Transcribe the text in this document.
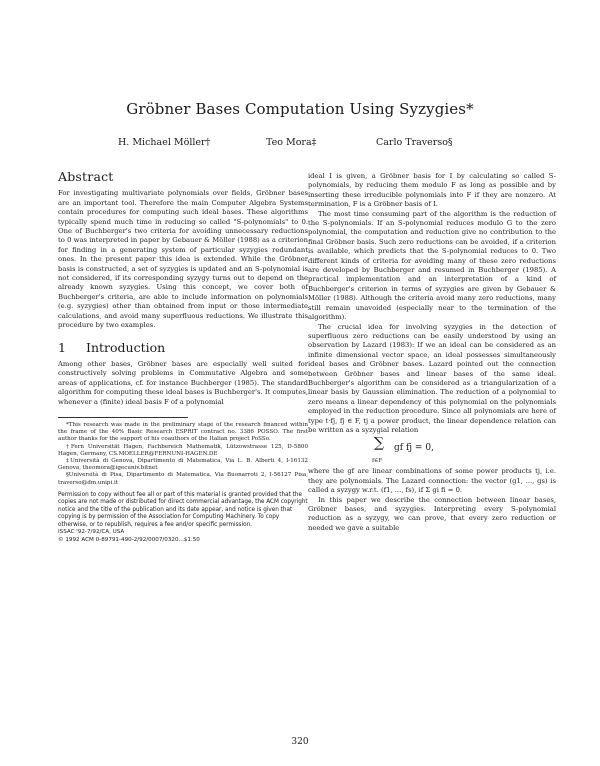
Gröbner Bases Computation Using Syzygies*
H. Michael Möller†	Teo Mora‡	Carlo Traverso§
Abstract

For investigating multivariate polynomials over fields, Gröbner bases are an important tool. Therefore the main Computer Algebra Systems contain procedures for computing such ideal bases. These algorithms typically spend much time in reducing so called "S-polynomials" to 0. One of Buchberger's two criteria for avoiding unnecessary reductions to 0 was interpreted in paper by Gebauer & Möller (1988) as a criterion for finding in a generating system of particular syzygies redundant ones. In the present paper this idea is extended. While the Gröbner basis is constructed, a set of syzygies is updated and an S-polynomial is not considered, if its corresponding syzygy turns out to depend on the already known syzygies. Using this concept, we cover both of Buchberger's criteria, are able to include information on polynomials (e.g. syzygies) other than obtained from input or those intermediate calculations, and avoid many superfluous reductions. We illustrate this procedure by two examples.

1 Introduction

Among other bases, Gröbner bases are especially well suited for constructively solving problems in Commutative Algebra and some areas of applications, cf. for instance Buchberger (1985). The standard algorithm for computing these ideal bases is Buchberger's. It computes, whenever a (finite) ideal basis F of a polynomial

*This research was made in the preliminary stage of the research financed within the frame of the 40% Basic Research ESPRIT contract no. 3386 POSSO. The first author thanks for the support of his coauthors of the Italian project PoSSo.

†Fern Universität Hagen, Fachbereich Mathematik, Lützowstrasse 125, D-5800 Hagen, Germany, CS.MOELLER@FERNUNI-HAGEN.DE

‡Università di Genova, Dipartimento di Matematica, Via L. B. Alberti 4, I-16132 Genova, theomora@igecuniv.bitnet

§Università di Pisa, Dipartimento di Matematica, Via Buonarroti 2, I-56127 Pisa, traverso@dm.unipi.it

Permission to copy without fee all or part of this material is granted provided that the copies are not made or distributed for direct commercial advantage, the ACM copyright notice and the title of the publication and its date appear, and notice is given that copying is by permission of the Association for Computing Machinery. To copy otherwise, or to republish, requires a fee and/or specific permission.

ISSAC '92-7/92/CA, USA

© 1992 ACM 0-89791-490-2/92/0007/0320...$1.50

ideal I is given, a Gröbner basis for I by calculating so called S-polynomials, by reducing them modulo F as long as possible and by inserting these irreducible polynomials into F if they are nonzero. At termination, F is a Gröbner basis of I.

The most time consuming part of the algorithm is the reduction of the S-polynomials. If an S-polynomial reduces modulo G to the zero polynomial, the computation and reduction give no contribution to the final Gröbner basis. Such zero reductions can be avoided, if a criterion is available, which predicts that the S-polynomial reduces to 0. Two different kinds of criteria for avoiding many of these zero reductions are developed by Buchberger and resumed in Buchberger (1985). A practical implementation and an interpretation of a kind of Buchberger's criterion in terms of syzygies are given by Gebauer & Möller (1988). Although the criteria avoid many zero reductions, many still remain unavoided (especially near to the termination of the algorithm).

The crucial idea for involving syzygies in the detection of superfluous zero reductions can be easily understood by using an observation by Lazard (1983): If we an ideal can be considered as an infinite dimensional vector space, an ideal possesses simultaneously ideal bases and Gröbner bases. Lazard pointed out the connection between Gröbner bases and linear bases of the same ideal. Buchberger's algorithm can be considered as a triangularization of a linear basis by Gaussian elimination. The reduction of a polynomial to zero means a linear dependency of this polynomial on the polynomials employed in the reduction procedure. Since all polynomials are here of type t·fj, fj ∈ F, tj a power product, the linear dependence relation can be written as a syzygial relation

∑
f∈F
gf fj = 0,

where the gf are linear combinations of some power products tj, i.e. they are polynomials. The Lazard connection: the vector (g1, ..., gs) is called a syzygy w.r.t. (f1, ..., fs), if Σ gi fi = 0.

In this paper we describe the connection between linear bases, Gröbner bases, and syzygies. Interpreting every S-polynomial reduction as a syzygy, we can prove, that every zero reduction or needed we gave a suitable

320
